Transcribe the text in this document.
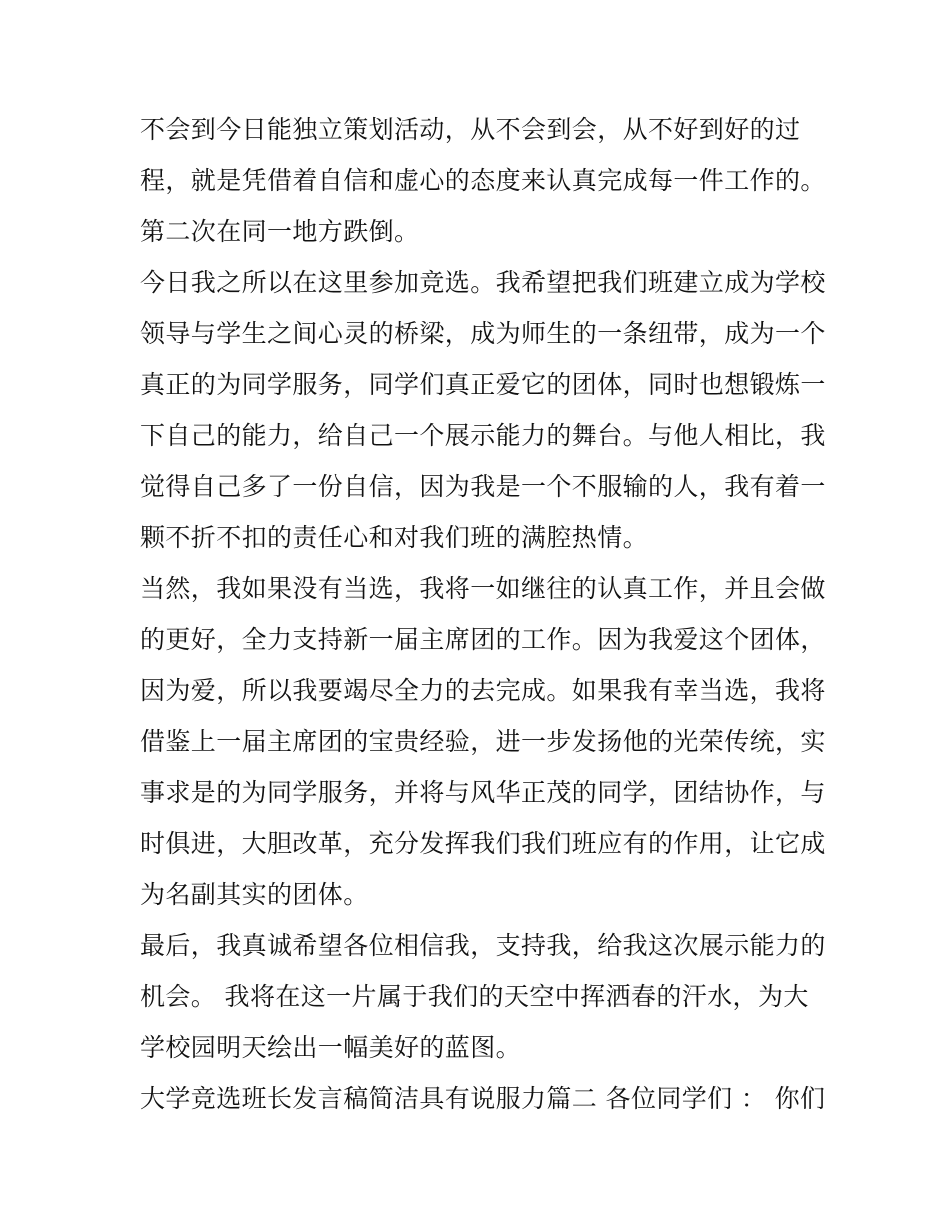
不会到今日能独立策划活动，从不会到会，从不好到好的过
程，就是凭借着自信和虚心的态度来认真完成每一件工作的。
第二次在同一地方跌倒。
今日我之所以在这里参加竞选。我希望把我们班建立成为学校
领导与学生之间心灵的桥梁，成为师生的一条纽带，成为一个
真正的为同学服务，同学们真正爱它的团体，同时也想锻炼一
下自己的能力，给自己一个展示能力的舞台。与他人相比，我
觉得自己多了一份自信，因为我是一个不服输的人，我有着一
颗不折不扣的责任心和对我们班的满腔热情。
当然，我如果没有当选，我将一如继往的认真工作，并且会做
的更好，全力支持新一届主席团的工作。因为我爱这个团体，
因为爱，所以我要竭尽全力的去完成。如果我有幸当选，我将
借鉴上一届主席团的宝贵经验，进一步发扬他的光荣传统，实
事求是的为同学服务，并将与风华正茂的同学，团结协作，与
时俱进，大胆改革，充分发挥我们我们班应有的作用，让它成
为名副其实的团体。
最后，我真诚希望各位相信我，支持我，给我这次展示能力的
机会。 我将在这一片属于我们的天空中挥洒春的汗水，为大
学校园明天绘出一幅美好的蓝图。
大学竞选班长发言稿简洁具有说服力篇二 各位同学们 ： 你们
